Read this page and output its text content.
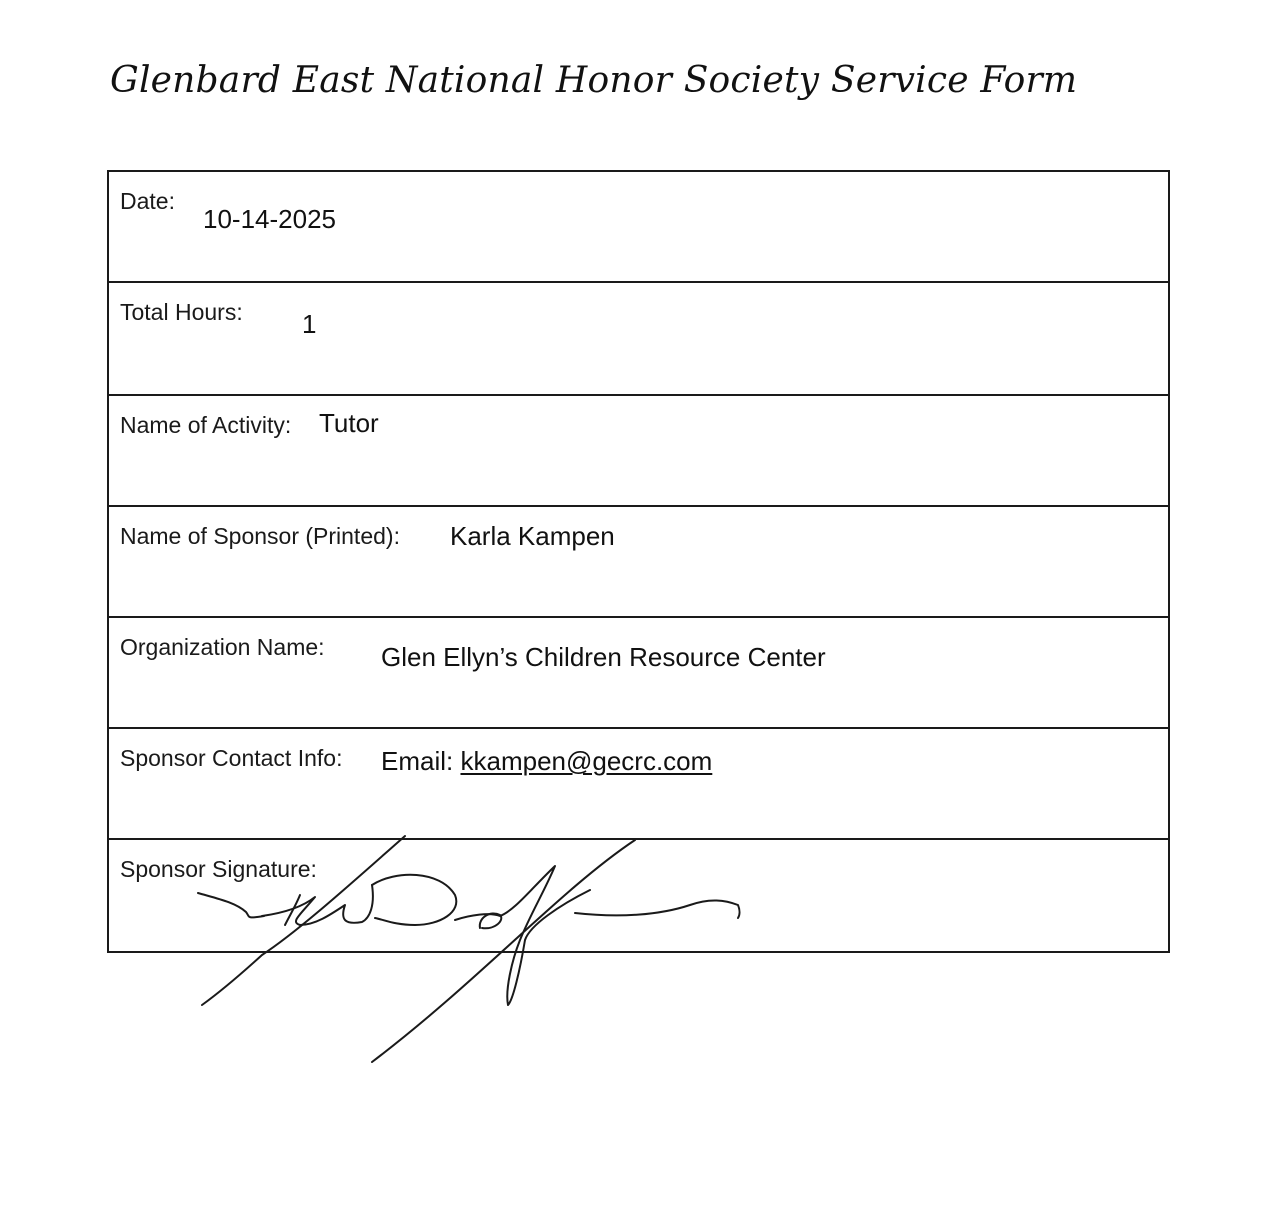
Glenbard East National Honor Society Service Form
Date:
10-14-2025
Total Hours: 1
Name of Activity: Tutor
Name of Sponsor (Printed): Karla Kampen
Organization Name: Glen Ellyn’s Children Resource Center
Sponsor Contact Info: Email: kkampen@gecrc.com
Sponsor Signature:
